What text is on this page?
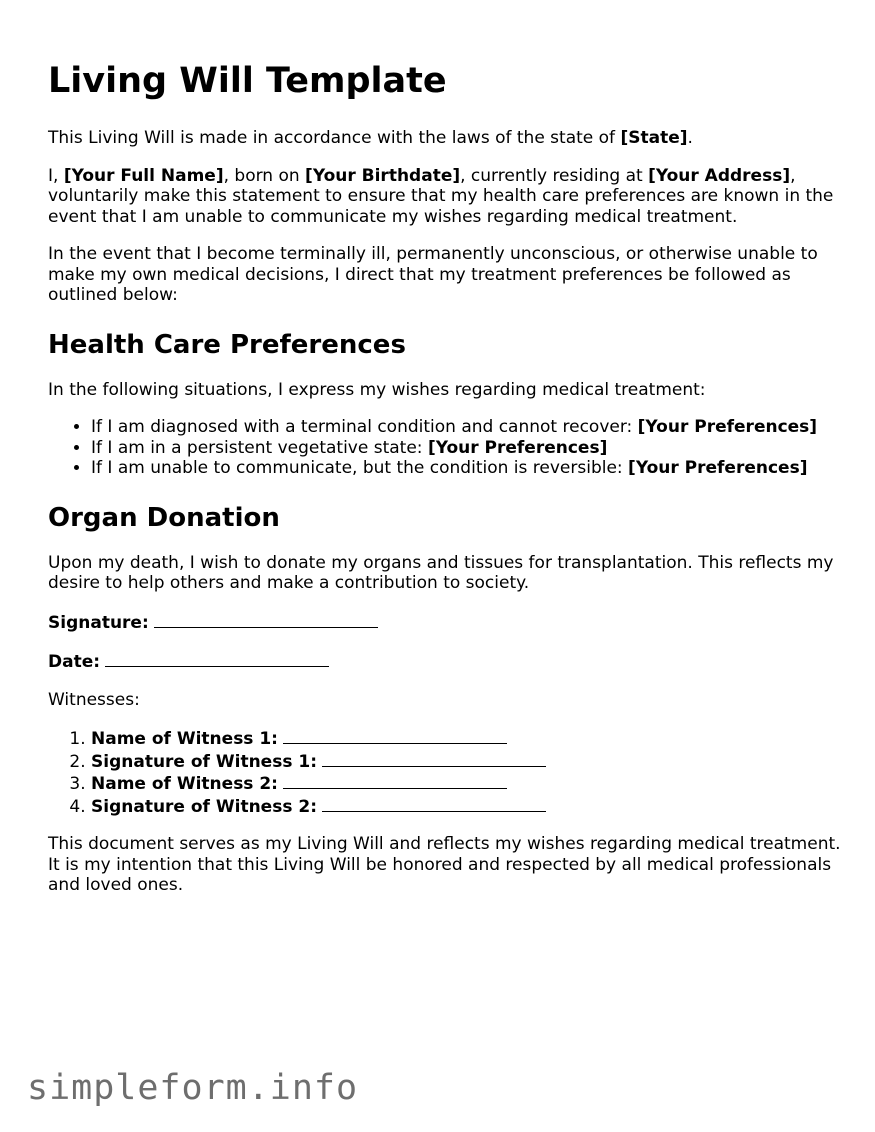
Living Will Template

This Living Will is made in accordance with the laws of the state of [State].

I, [Your Full Name], born on [Your Birthdate], currently residing at [Your Address], voluntarily make this statement to ensure that my health care preferences are known in the event that I am unable to communicate my wishes regarding medical treatment.

In the event that I become terminally ill, permanently unconscious, or otherwise unable to make my own medical decisions, I direct that my treatment preferences be followed as outlined below:

Health Care Preferences

In the following situations, I express my wishes regarding medical treatment:

• If I am diagnosed with a terminal condition and cannot recover: [Your Preferences]
• If I am in a persistent vegetative state: [Your Preferences]
• If I am unable to communicate, but the condition is reversible: [Your Preferences]
Organ Donation

Upon my death, I wish to donate my organs and tissues for transplantation. This reflects my desire to help others and make a contribution to society.

Signature:

Date:

Witnesses:

1. Name of Witness 1:
2. Signature of Witness 1:
3. Name of Witness 2:
4. Signature of Witness 2:

This document serves as my Living Will and reflects my wishes regarding medical treatment. It is my intention that this Living Will be honored and respected by all medical professionals and loved ones.

simpleform.info
